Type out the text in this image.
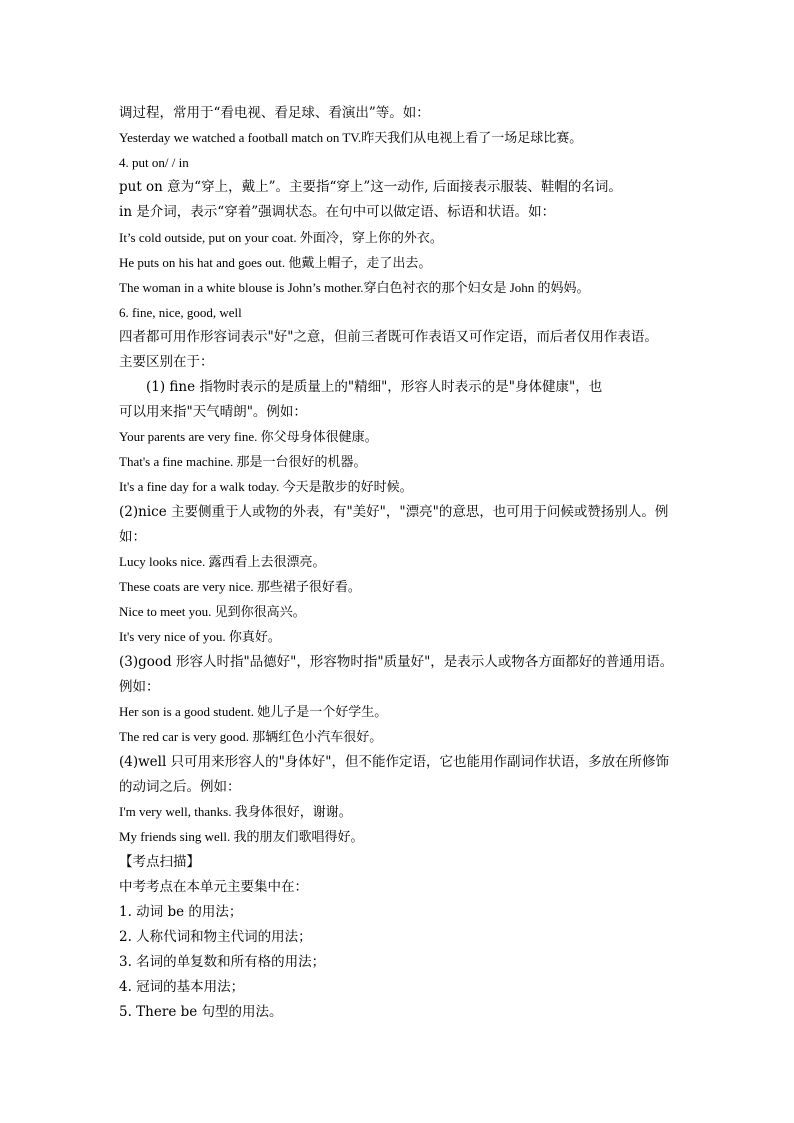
调过程，常用于“看电视、看足球、看演出”等。如：
Yesterday we watched a football match on TV.昨天我们从电视上看了一场足球比赛。
4. put on/ / in
put on 意为“穿上，戴上”。主要指“穿上”这一动作, 后面接表示服装、鞋帽的名词。
in 是介词，表示“穿着”强调状态。在句中可以做定语、标语和状语。如：
It’s cold outside, put on your coat. 外面冷，穿上你的外衣。
He puts on his hat and goes out. 他戴上帽子，走了出去。
The woman in a white blouse is John’s mother.穿白色衬衣的那个妇女是 John 的妈妈。
6. fine, nice, good, well
四者都可用作形容词表示"好"之意，但前三者既可作表语又可作定语，而后者仅用作表语。
主要区别在于：
(1) fine 指物时表示的是质量上的"精细"，形容人时表示的是"身体健康"，也
可以用来指"天气晴朗"。例如：
Your parents are very fine. 你父母身体很健康。
That's a fine machine. 那是一台很好的机器。
It's a fine day for a walk today. 今天是散步的好时候。
(2)nice 主要侧重于人或物的外表，有"美好"，"漂亮"的意思，也可用于问候或赞扬别人。例
如：
Lucy looks nice. 露西看上去很漂亮。
These coats are very nice. 那些裙子很好看。
Nice to meet you. 见到你很高兴。
It's very nice of you. 你真好。
(3)good 形容人时指"品德好"，形容物时指"质量好"，是表示人或物各方面都好的普通用语。
例如：
Her son is a good student. 她儿子是一个好学生。
The red car is very good. 那辆红色小汽车很好。
(4)well 只可用来形容人的"身体好"，但不能作定语，它也能用作副词作状语，多放在所修饰
的动词之后。例如：
I'm very well, thanks. 我身体很好，谢谢。
My friends sing well. 我的朋友们歌唱得好。
【考点扫描】
中考考点在本单元主要集中在：
1. 动词 be 的用法；
2. 人称代词和物主代词的用法；
3. 名词的单复数和所有格的用法；
4. 冠词的基本用法；
5. There be 句型的用法。
